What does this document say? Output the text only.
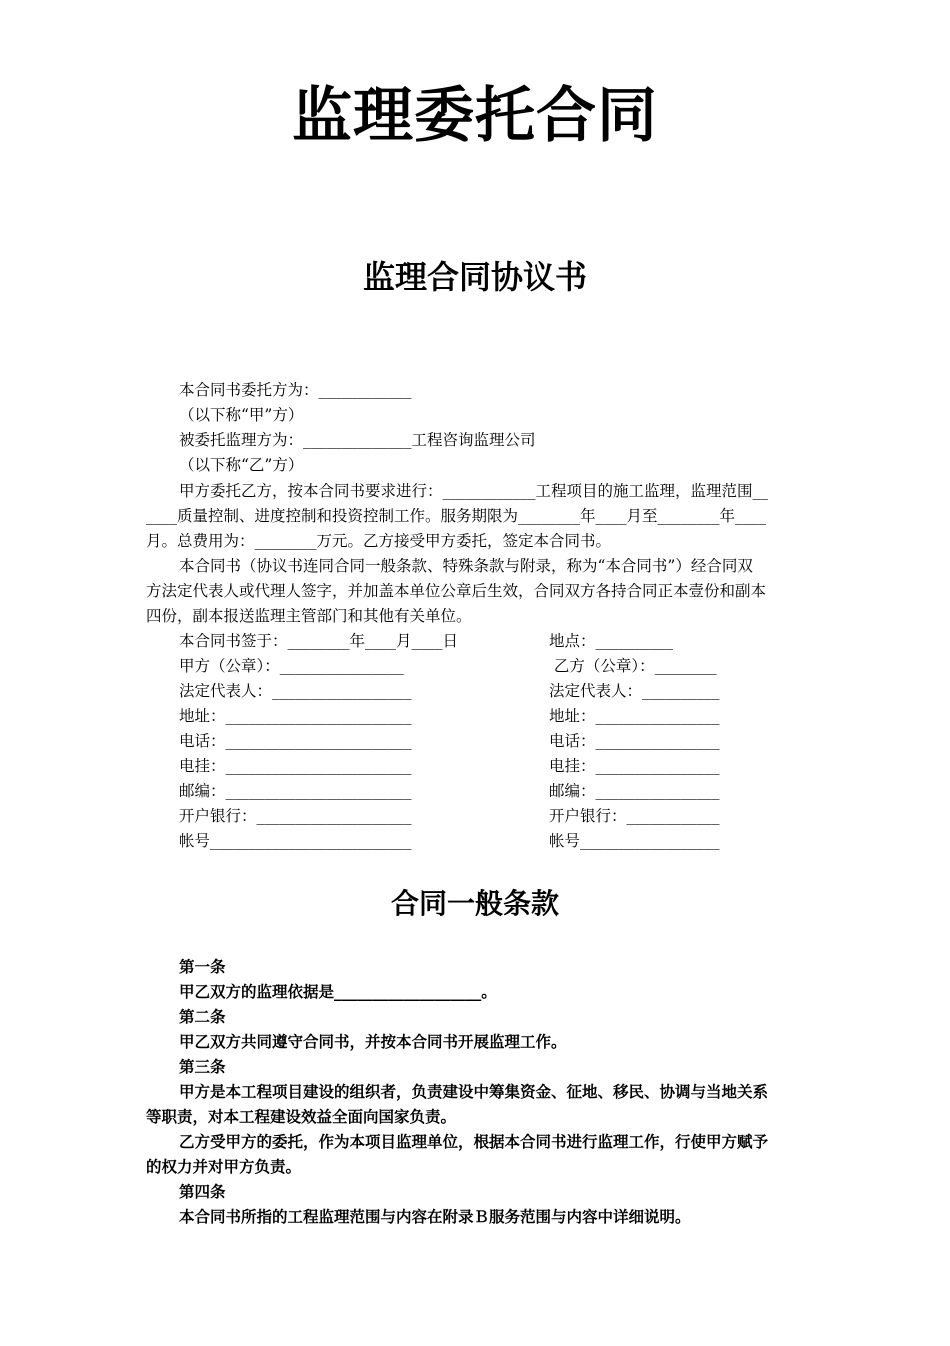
监理委托合同
监理合同协议书
本合同书委托方为：____________
（以下称“甲”方）
被委托监理方为：______________工程咨询监理公司
（以下称“乙”方）
甲方委托乙方，按本合同书要求进行：____________工程项目的施工监理，监理范围__
____质量控制、进度控制和投资控制工作。服务期限为________年____月至________年____
月。总费用为：________万元。乙方接受甲方委托，签定本合同书。
本合同书（协议书连同合同一般条款、特殊条款与附录，称为“本合同书”）经合同双
方法定代表人或代理人签字，并加盖本单位公章后生效，合同双方各持合同正本壹份和副本
四份，副本报送监理主管部门和其他有关单位。
本合同书签于：________年____月____日
甲方（公章）：________________
法定代表人：__________________
地址：________________________
电话：________________________
电挂：________________________
邮编：________________________
开户银行：____________________
帐号__________________________
地点：__________
乙方（公章）：________
法定代表人：__________
地址：________________
电话：________________
电挂：________________
邮编：________________
开户银行：____________
帐号__________________
合同一般条款
第一条
甲乙双方的监理依据是___________________。
第二条
甲乙双方共同遵守合同书，并按本合同书开展监理工作。
第三条
甲方是本工程项目建设的组织者，负责建设中筹集资金、征地、移民、协调与当地关系
等职责，对本工程建设效益全面向国家负责。
乙方受甲方的委托，作为本项目监理单位，根据本合同书进行监理工作，行使甲方赋予
的权力并对甲方负责。
第四条
本合同书所指的工程监理范围与内容在附录Ｂ服务范围与内容中详细说明。
